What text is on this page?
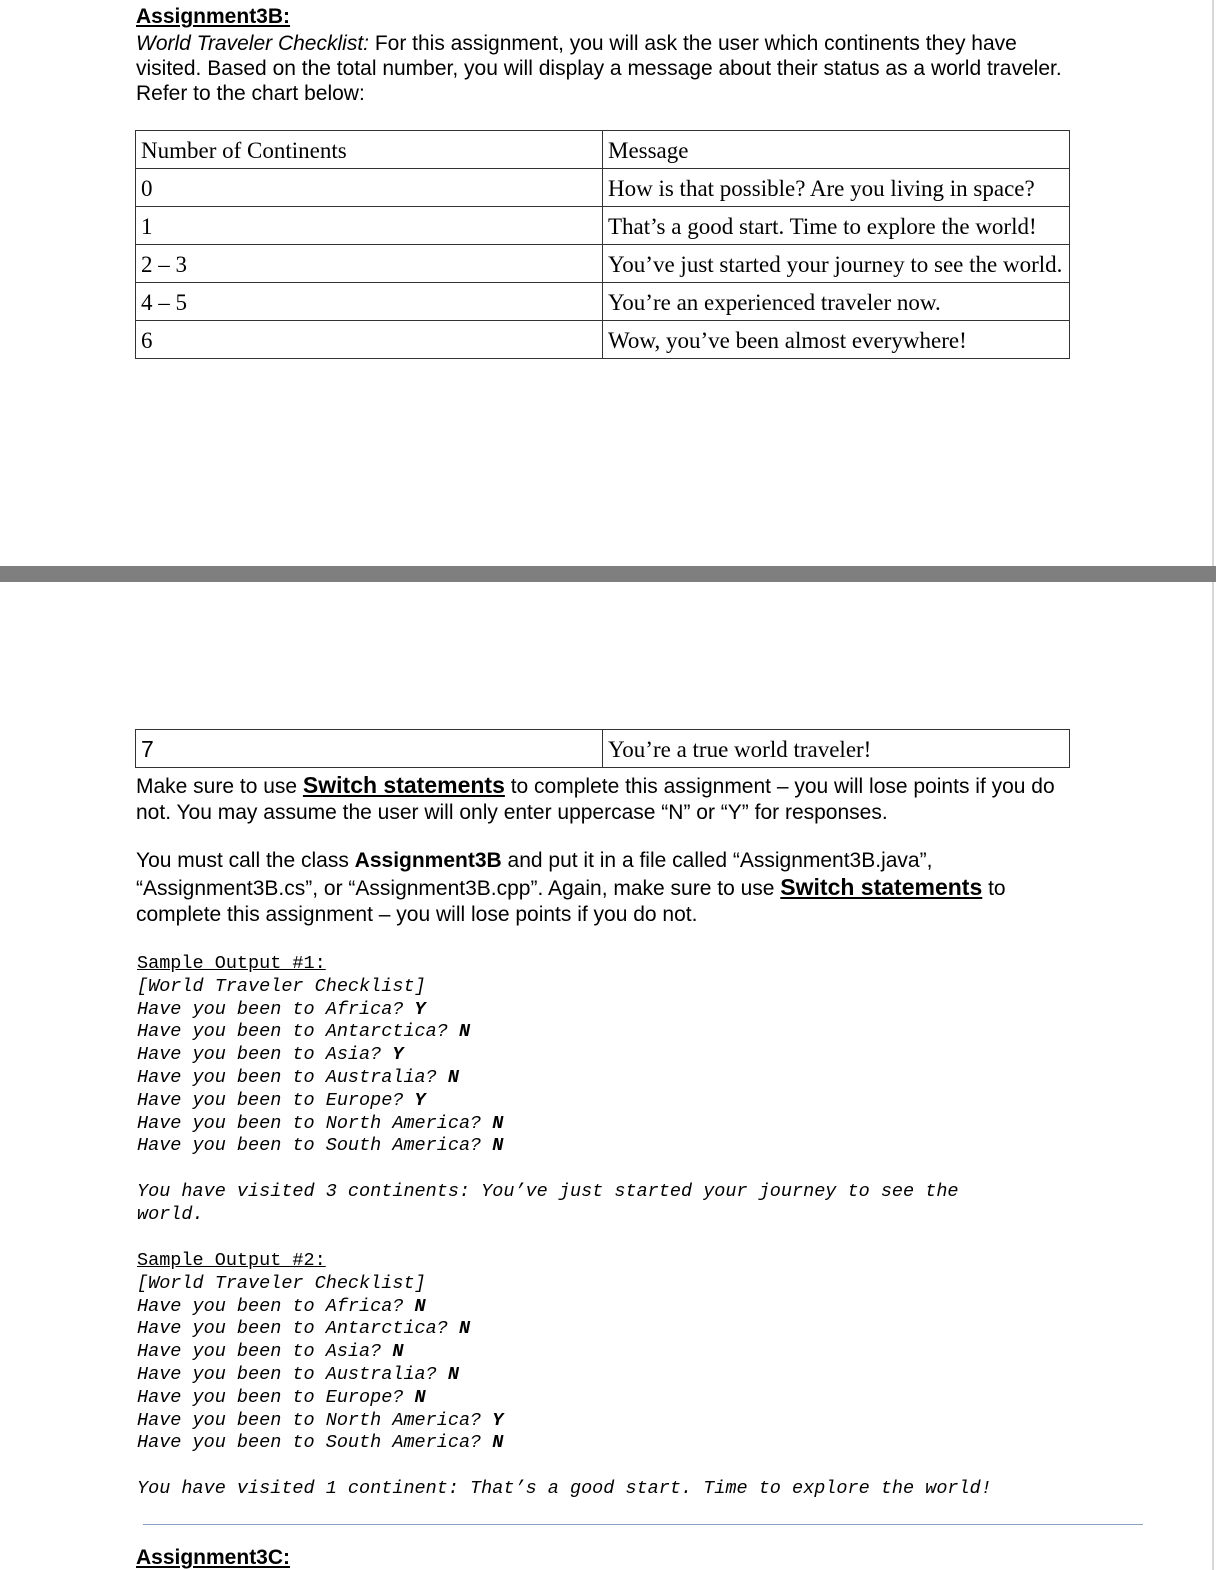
Assignment3B:
World Traveler Checklist: For this assignment, you will ask the user which continents they have visited. Based on the total number, you will display a message about their status as a world traveler. Refer to the chart below:
Number of Continents	Message
0	How is that possible? Are you living in space?
1	That’s a good start. Time to explore the world!
2 – 3	You’ve just started your journey to see the world.
4 – 5	You’re an experienced traveler now.
6	Wow, you’ve been almost everywhere!
7	You’re a true world traveler!
Make sure to use Switch statements to complete this assignment – you will lose points if you do not. You may assume the user will only enter uppercase “N” or “Y” for responses.
You must call the class Assignment3B and put it in a file called “Assignment3B.java”, “Assignment3B.cs”, or “Assignment3B.cpp”. Again, make sure to use Switch statements to complete this assignment – you will lose points if you do not.
Sample Output #1:
[World Traveler Checklist]
Have you been to Africa? Y
Have you been to Antarctica? N
Have you been to Asia? Y
Have you been to Australia? N
Have you been to Europe? Y
Have you been to North America? N
Have you been to South America? N

You have visited 3 continents: You’ve just started your journey to see the
world.
Sample Output #2:
[World Traveler Checklist]
Have you been to Africa? N
Have you been to Antarctica? N
Have you been to Asia? N
Have you been to Australia? N
Have you been to Europe? N
Have you been to North America? Y
Have you been to South America? N

You have visited 1 continent: That’s a good start. Time to explore the world!
Assignment3C:
